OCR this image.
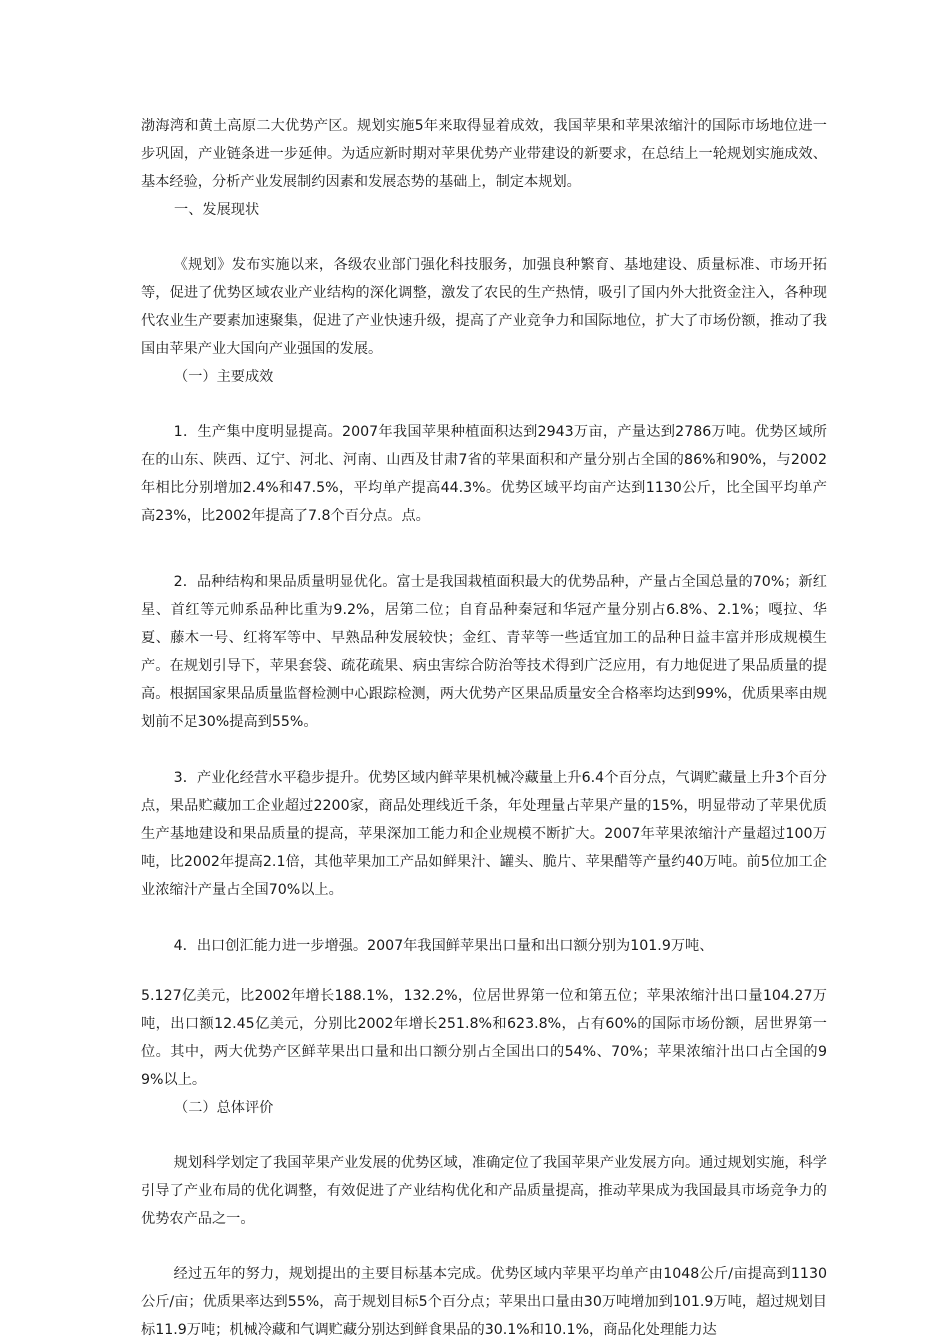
渤海湾和黄土高原二大优势产区。规划实施5年来取得显着成效，我国苹果和苹果浓缩汁的国际市场地位进一步巩固，产业链条进一步延伸。为适应新时期对苹果优势产业带建设的新要求，在总结上一轮规划实施成效、基本经验，分析产业发展制约因素和发展态势的基础上，制定本规划。

一、发展现状

《规划》发布实施以来，各级农业部门强化科技服务，加强良种繁育、基地建设、质量标准、市场开拓等，促进了优势区域农业产业结构的深化调整，激发了农民的生产热情，吸引了国内外大批资金注入，各种现代农业生产要素加速聚集，促进了产业快速升级，提高了产业竞争力和国际地位，扩大了市场份额，推动了我国由苹果产业大国向产业强国的发展。

（一）主要成效

1．生产集中度明显提高。2007年我国苹果种植面积达到2943万亩，产量达到2786万吨。优势区域所在的山东、陕西、辽宁、河北、河南、山西及甘肃7省的苹果面积和产量分别占全国的86%和90%，与2002年相比分别增加2.4%和47.5%，平均单产提高44.3%。优势区域平均亩产达到1130公斤，比全国平均单产高23%，比2002年提高了7.8个百分点。点。

2．品种结构和果品质量明显优化。富士是我国栽植面积最大的优势品种，产量占全国总量的70%；新红星、首红等元帅系品种比重为9.2%，居第二位；自育品种秦冠和华冠产量分别占6.8%、2.1%；嘎拉、华夏、藤木一号、红将军等中、早熟品种发展较快；金红、青苹等一些适宜加工的品种日益丰富并形成规模生产。在规划引导下，苹果套袋、疏花疏果、病虫害综合防治等技术得到广泛应用，有力地促进了果品质量的提高。根据国家果品质量监督检测中心跟踪检测，两大优势产区果品质量安全合格率均达到99%，优质果率由规划前不足30%提高到55%。

3．产业化经营水平稳步提升。优势区域内鲜苹果机械冷藏量上升6.4个百分点，气调贮藏量上升3个百分点，果品贮藏加工企业超过2200家，商品处理线近千条，年处理量占苹果产量的15%，明显带动了苹果优质生产基地建设和果品质量的提高，苹果深加工能力和企业规模不断扩大。2007年苹果浓缩汁产量超过100万吨，比2002年提高2.1倍，其他苹果加工产品如鲜果汁、罐头、脆片、苹果醋等产量约40万吨。前5位加工企业浓缩汁产量占全国70%以上。

4．出口创汇能力进一步增强。2007年我国鲜苹果出口量和出口额分别为101.9万吨、

5.127亿美元，比2002年增长188.1%，132.2%，位居世界第一位和第五位；苹果浓缩汁出口量104.27万吨，出口额12.45亿美元，分别比2002年增长251.8%和623.8%，占有60%的国际市场份额，居世界第一位。其中，两大优势产区鲜苹果出口量和出口额分别占全国出口的54%、70%；苹果浓缩汁出口占全国的99%以上。

（二）总体评价

规划科学划定了我国苹果产业发展的优势区域，准确定位了我国苹果产业发展方向。通过规划实施，科学引导了产业布局的优化调整，有效促进了产业结构优化和产品质量提高，推动苹果成为我国最具市场竞争力的优势农产品之一。

经过五年的努力，规划提出的主要目标基本完成。优势区域内苹果平均单产由1048公斤/亩提高到1130公斤/亩；优质果率达到55%，高于规划目标5个百分点；苹果出口量由30万吨增加到101.9万吨，超过规划目标11.9万吨；机械冷藏和气调贮藏分别达到鲜食果品的30.1%和10.1%，商品化处理能力达
